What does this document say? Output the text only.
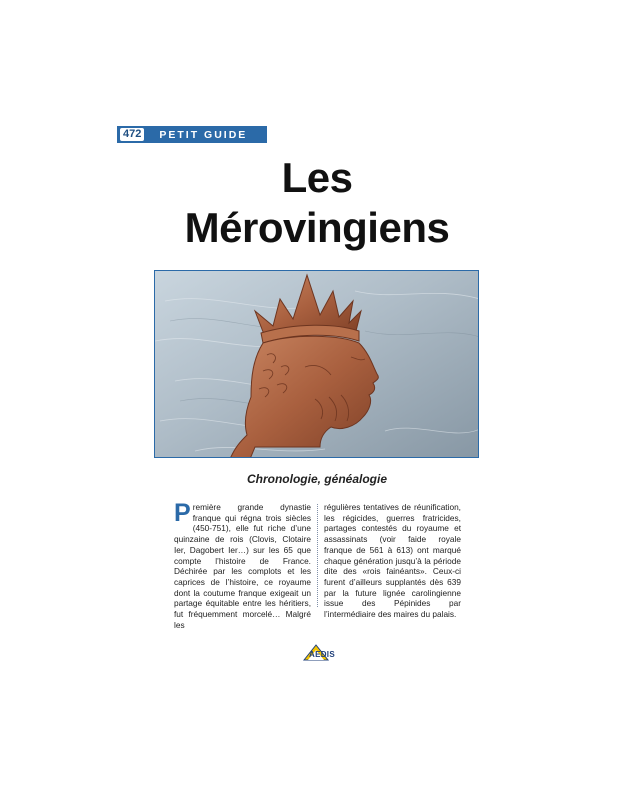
472 PETIT GUIDE
Les
Mérovingiens
Chronologie, généalogie
P remière grande dynastie franque qui régna trois siècles (450-751), elle fut riche d’une quinzaine de rois (Clovis, Clotaire Ier, Dagobert Ier…) sur les 65 que compte l’histoire de France. Déchirée par les complots et les caprices de l’histoire, ce royaume dont la coutume franque exigeait un partage équitable entre les héritiers, fut fréquemment morcelé… Malgré les
régulières tentatives de réunification, les régicides, guerres fratricides, partages contestés du royaume et assassinats (voir faide royale franque de 561 à 613) ont marqué chaque génération jusqu’à la période dite des «rois fainéants». Ceux-ci furent d’ailleurs supplantés dès 639 par la future lignée carolingienne issue des Pépinides par l’intermédiaire des maires du palais.
AEDIS
